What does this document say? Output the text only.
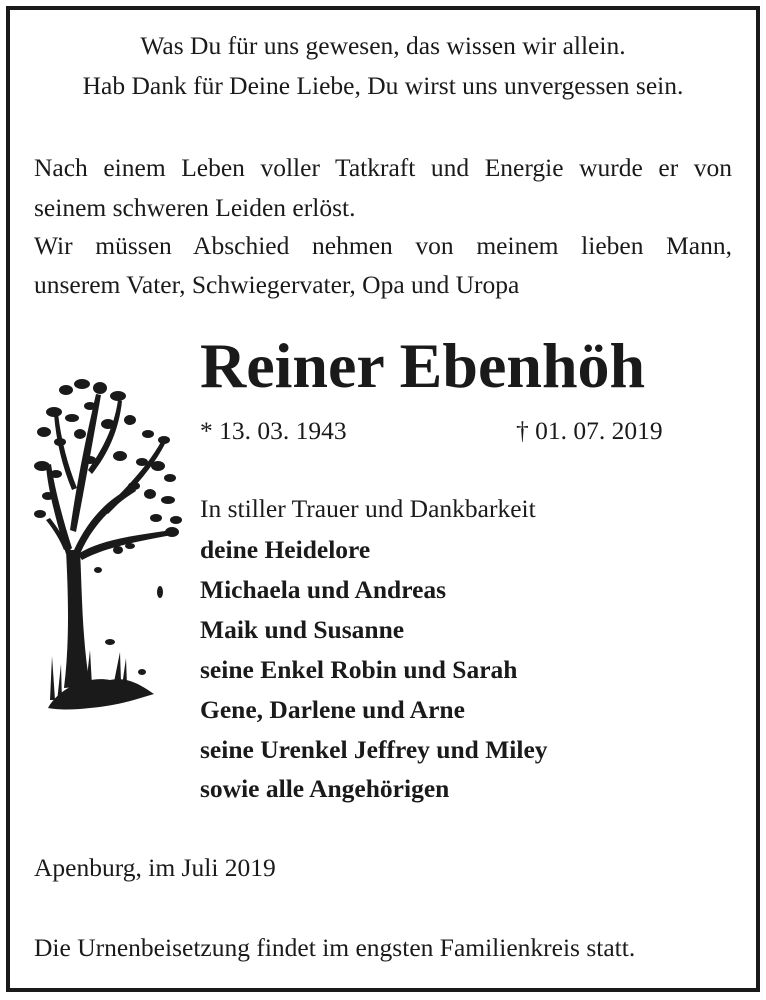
Was Du für uns gewesen, das wissen wir allein.
Hab Dank für Deine Liebe, Du wirst uns unvergessen sein.
Nach einem Leben voller Tatkraft und Energie wurde er von
seinem schweren Leiden erlöst.
Wir müssen Abschied nehmen von meinem lieben Mann,
unserem Vater, Schwiegervater, Opa und Uropa
Reiner Ebenhöh
* 13. 03. 1943	† 01. 07. 2019
In stiller Trauer und Dankbarkeit
deine Heidelore
Michaela und Andreas
Maik und Susanne
seine Enkel Robin und Sarah
Gene, Darlene und Arne
seine Urenkel Jeffrey und Miley
sowie alle Angehörigen
Apenburg, im Juli 2019
Die Urnenbeisetzung findet im engsten Familienkreis statt.
